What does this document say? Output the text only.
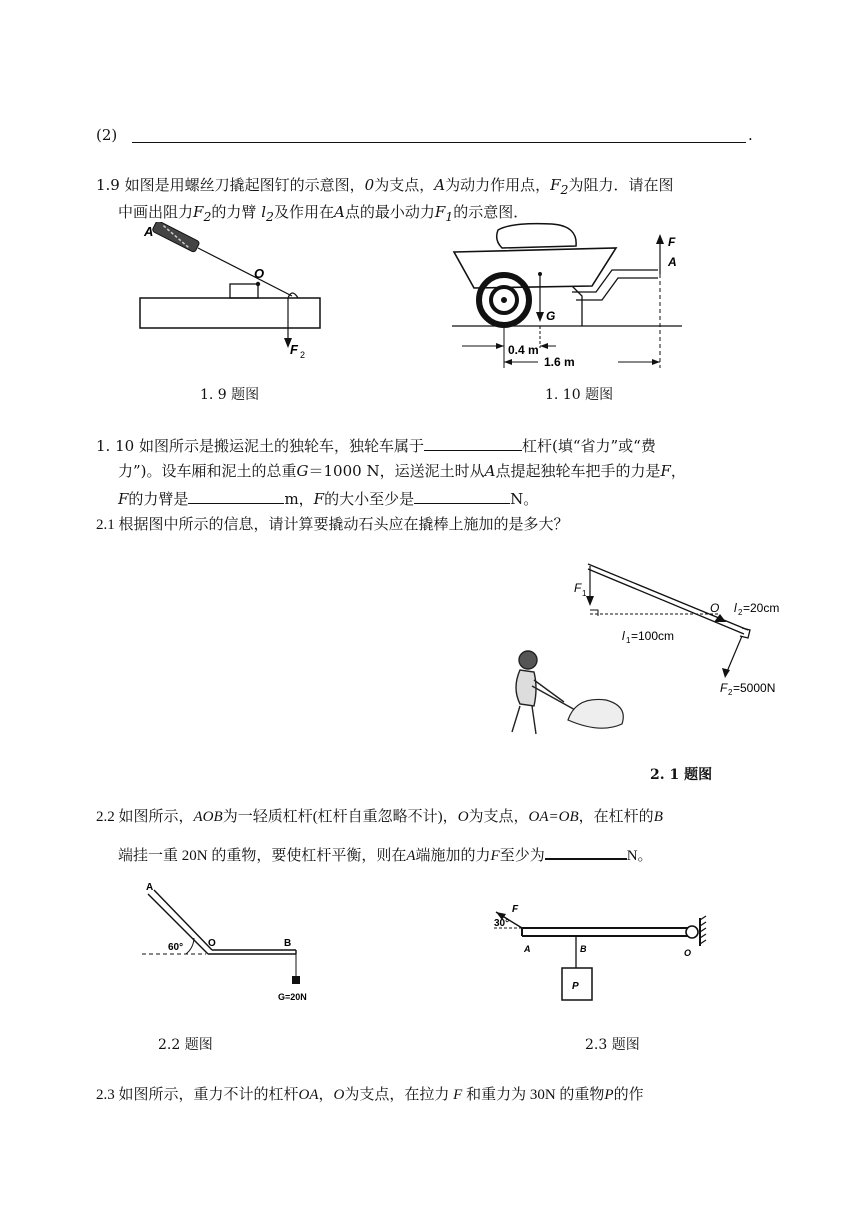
(2)	.
1.9 如图是用螺丝刀撬起图钉的示意图，0为支点，A为动力作用点，$F_2$为阻力．请在图
中画出阻力$F_2$的力臂 $l_2$及作用在A点的最小动力$F_1$的示意图．
A
O
F 2
F
A
G
0.4 m
1.6 m
1. 9 题图	1. 10 题图
1. 10 如图所示是搬运泥土的独轮车，独轮车属于	杠杆(填“省力”或“费
力”)。设车厢和泥土的总重G＝1000 N，运送泥土时从A点提起独轮车把手的力是F，
F的力臂是	m，F的大小至少是	N。
2.1 根据图中所示的信息，请计算要撬动石头应在撬棒上施加的是多大？
F 1
O l 2 =20cm
l 1 =100cm
F 2 =5000N
2. 1 题图
2.2 如图所示，AOB为一轻质杠杆(杠杆自重忽略不计)，O为支点，OA=OB，在杠杆的B
端挂一重 20N 的重物，要使杠杆平衡，则在A端施加的力F至少为	N。
A
O	B
60°
G=20N
F
30°
A	B	O
P
2.2 题图	2.3 题图
2.3 如图所示，重力不计的杠杆OA，O为支点，在拉力 F 和重力为 30N 的重物P的作
